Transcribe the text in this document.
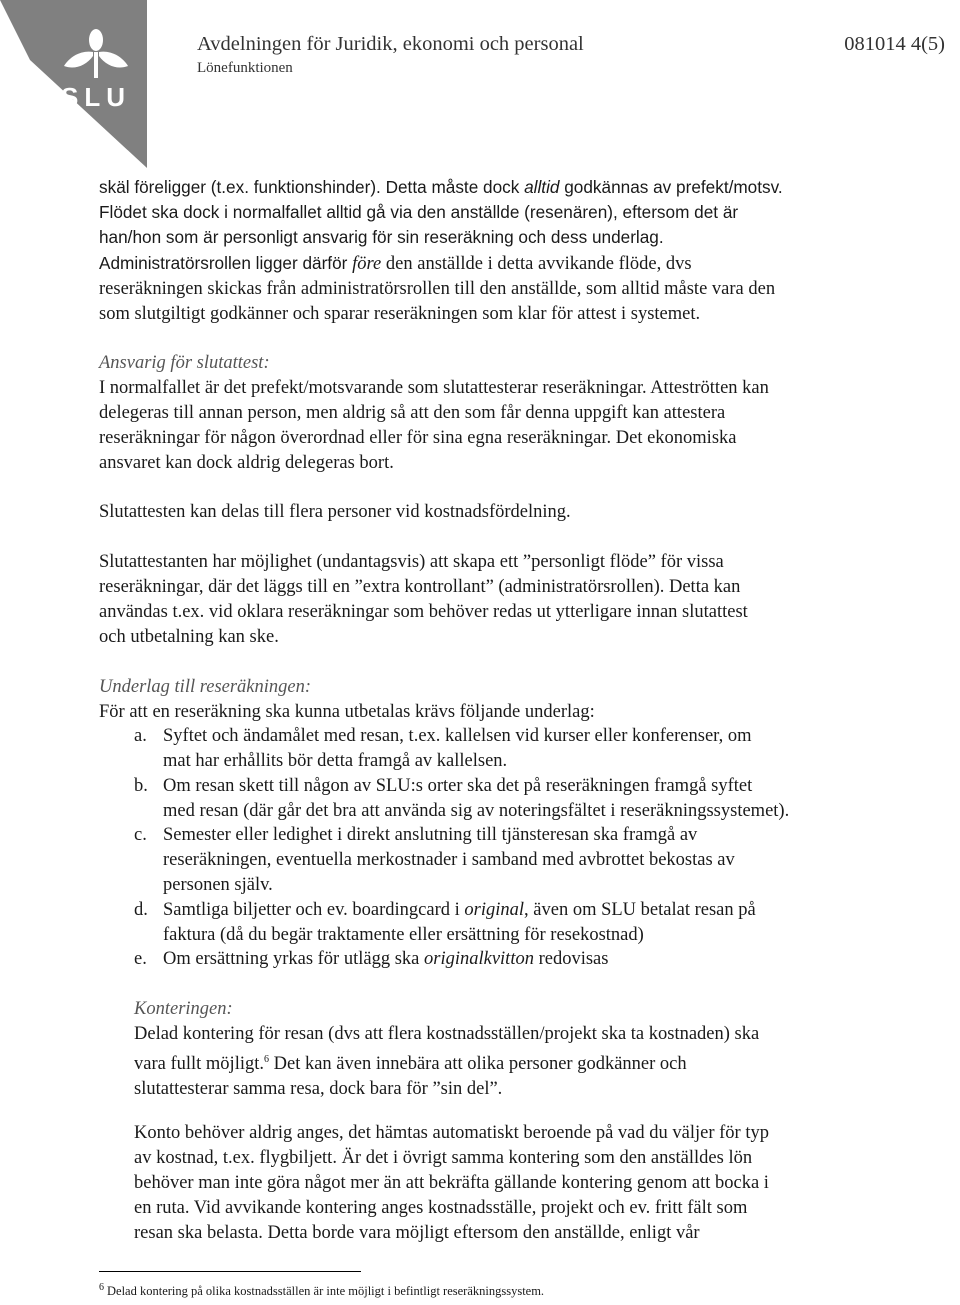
SLU
Avdelningen för Juridik, ekonomi och personal
Lönefunktionen
081014 4(5)
skäl föreligger (t.ex. funktionshinder). Detta måste dock alltid godkännas av prefekt/motsv.
Flödet ska dock i normalfallet alltid gå via den anställde (resenären), eftersom det är
han/hon som är personligt ansvarig för sin reseräkning och dess underlag.
Administratörsrollen ligger därför före den anställde i detta avvikande flöde, dvs
reseräkningen skickas från administratörsrollen till den anställde, som alltid måste vara den
som slutgiltigt godkänner och sparar reseräkningen som klar för attest i systemet.
Ansvarig för slutattest:
I normalfallet är det prefekt/motsvarande som slutattesterar reseräkningar. Atteströtten kan
delegeras till annan person, men aldrig så att den som får denna uppgift kan attestera
reseräkningar för någon överordnad eller för sina egna reseräkningar. Det ekonomiska
ansvaret kan dock aldrig delegeras bort.
Slutattesten kan delas till flera personer vid kostnadsfördelning.
Slutattestanten har möjlighet (undantagsvis) att skapa ett ”personligt flöde” för vissa
reseräkningar, där det läggs till en ”extra kontrollant” (administratörsrollen). Detta kan
användas t.ex. vid oklara reseräkningar som behöver redas ut ytterligare innan slutattest
och utbetalning kan ske.
Underlag till reseräkningen:
För att en reseräkning ska kunna utbetalas krävs följande underlag:
a. Syftet och ändamålet med resan, t.ex. kallelsen vid kurser eller konferenser, om
mat har erhållits bör detta framgå av kallelsen.
b. Om resan skett till någon av SLU:s orter ska det på reseräkningen framgå syftet
med resan (där går det bra att använda sig av noteringsfältet i reseräkningssystemet).
c. Semester eller ledighet i direkt anslutning till tjänsteresan ska framgå av
reseräkningen, eventuella merkostnader i samband med avbrottet bekostas av
personen själv.
d. Samtliga biljetter och ev. boardingcard i original, även om SLU betalat resan på
faktura (då du begär traktamente eller ersättning för resekostnad)
e. Om ersättning yrkas för utlägg ska originalkvitton redovisas
Konteringen:
Delad kontering för resan (dvs att flera kostnadsställen/projekt ska ta kostnaden) ska
vara fullt möjligt.$^6$ Det kan även innebära att olika personer godkänner och
slutattesterar samma resa, dock bara för ”sin del”.
Konto behöver aldrig anges, det hämtas automatiskt beroende på vad du väljer för typ
av kostnad, t.ex. flygbiljett. Är det i övrigt samma kontering som den anställdes lön
behöver man inte göra något mer än att bekräfta gällande kontering genom att bocka i
en ruta. Vid avvikande kontering anges kostnadsställe, projekt och ev. fritt fält som
resan ska belasta. Detta borde vara möjligt eftersom den anställde, enligt vår
$^6$ Delad kontering på olika kostnadsställen är inte möjligt i befintligt reseräkningssystem.
